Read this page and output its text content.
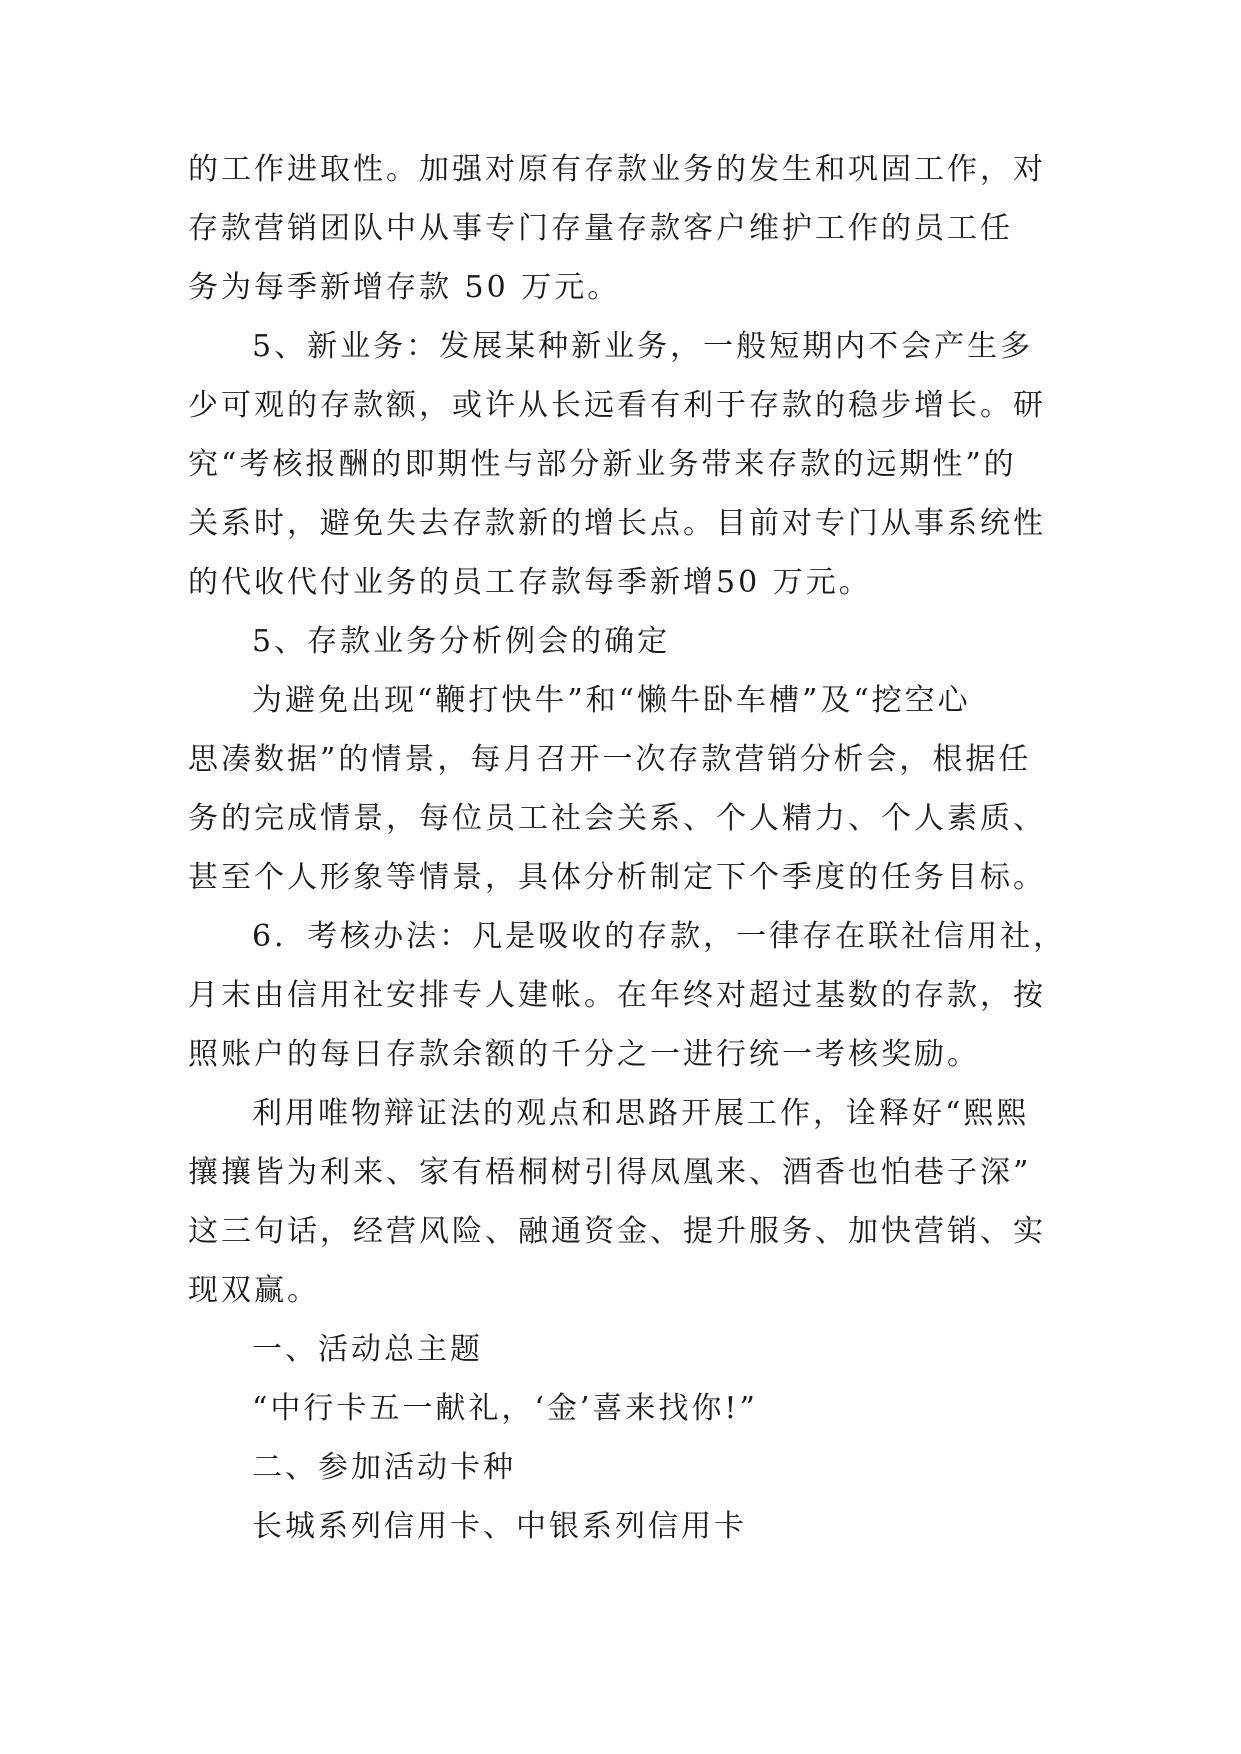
的工作进取性。加强对原有存款业务的发生和巩固工作，对
存款营销团队中从事专门存量存款客户维护工作的员工任
务为每季新增存款 50 万元。
5、新业务：发展某种新业务，一般短期内不会产生多
少可观的存款额，或许从长远看有利于存款的稳步增长。研
究“考核报酬的即期性与部分新业务带来存款的远期性”的
关系时，避免失去存款新的增长点。目前对专门从事系统性
的代收代付业务的员工存款每季新增50 万元。
5、存款业务分析例会的确定
为避免出现“鞭打快牛”和“懒牛卧车槽”及“挖空心
思凑数据”的情景，每月召开一次存款营销分析会，根据任
务的完成情景，每位员工社会关系、个人精力、个人素质、
甚至个人形象等情景，具体分析制定下个季度的任务目标。
6．考核办法：凡是吸收的存款，一律存在联社信用社，
月末由信用社安排专人建帐。在年终对超过基数的存款，按
照账户的每日存款余额的千分之一进行统一考核奖励。
利用唯物辩证法的观点和思路开展工作，诠释好“熙熙
攘攘皆为利来、家有梧桐树引得凤凰来、酒香也怕巷子深”
这三句话，经营风险、融通资金、提升服务、加快营销、实
现双赢。
一、活动总主题
“中行卡五一献礼，‘金’喜来找你!”
二、参加活动卡种
长城系列信用卡、中银系列信用卡
